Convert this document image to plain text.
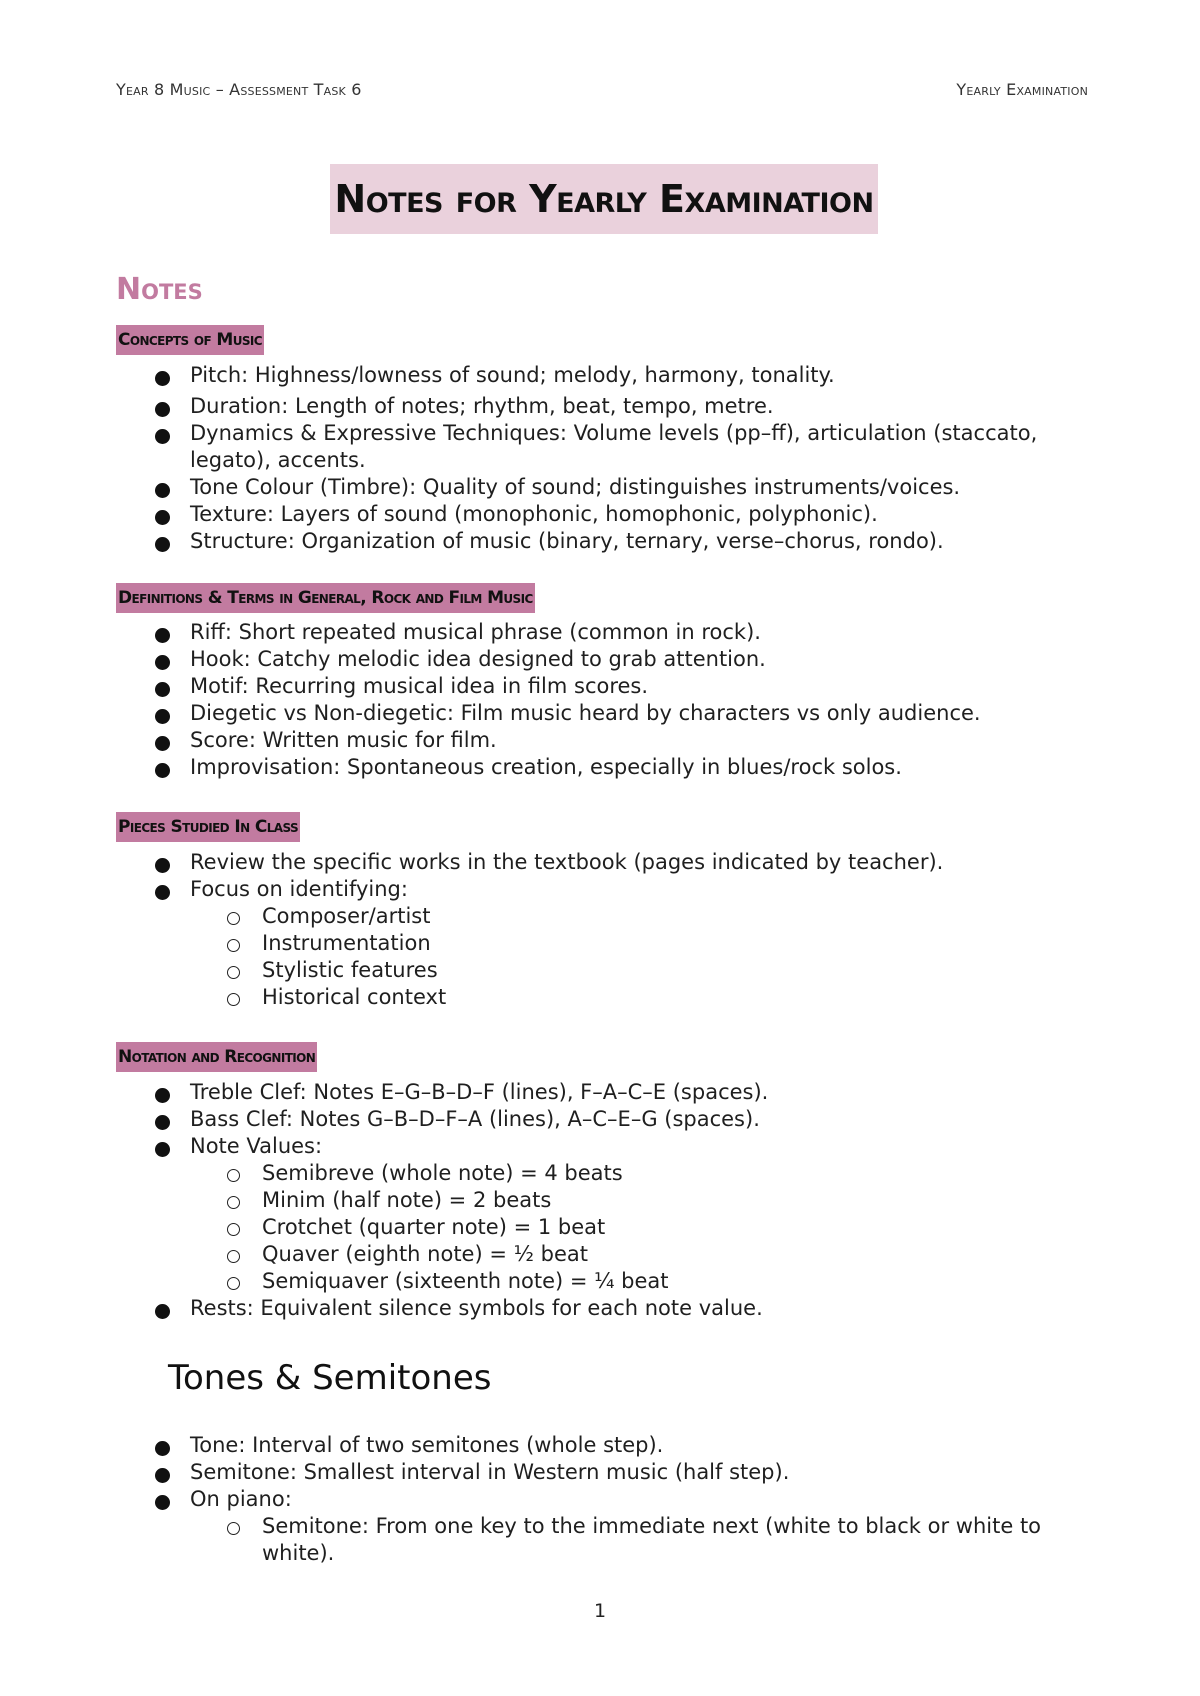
Year 8 Music – Assessment Task 6	Yearly Examination
Notes for Yearly Examination
Notes
Concepts of Music
Pitch: Highness/lowness of sound; melody, harmony, tonality.
Duration: Length of notes; rhythm, beat, tempo, metre.
Dynamics & Expressive Techniques: Volume levels (pp–ff), articulation (staccato, legato), accents.
Tone Colour (Timbre): Quality of sound; distinguishes instruments/voices.
Texture: Layers of sound (monophonic, homophonic, polyphonic).
Structure: Organization of music (binary, ternary, verse–chorus, rondo).
Definitions & Terms in General, Rock and Film Music
Riff: Short repeated musical phrase (common in rock).
Hook: Catchy melodic idea designed to grab attention.
Motif: Recurring musical idea in film scores.
Diegetic vs Non-diegetic: Film music heard by characters vs only audience.
Score: Written music for film.
Improvisation: Spontaneous creation, especially in blues/rock solos.
Pieces Studied In Class
Review the specific works in the textbook (pages indicated by teacher).
Focus on identifying:
Composer/artist
Instrumentation
Stylistic features
Historical context
Notation and Recognition
Treble Clef: Notes E–G–B–D–F (lines), F–A–C–E (spaces).
Bass Clef: Notes G–B–D–F–A (lines), A–C–E–G (spaces).
Note Values:
Semibreve (whole note) = 4 beats
Minim (half note) = 2 beats
Crotchet (quarter note) = 1 beat
Quaver (eighth note) = ½ beat
Semiquaver (sixteenth note) = ¼ beat
Rests: Equivalent silence symbols for each note value.
Tones & Semitones
Tone: Interval of two semitones (whole step).
Semitone: Smallest interval in Western music (half step).
On piano:
Semitone: From one key to the immediate next (white to black or white to white).
1
